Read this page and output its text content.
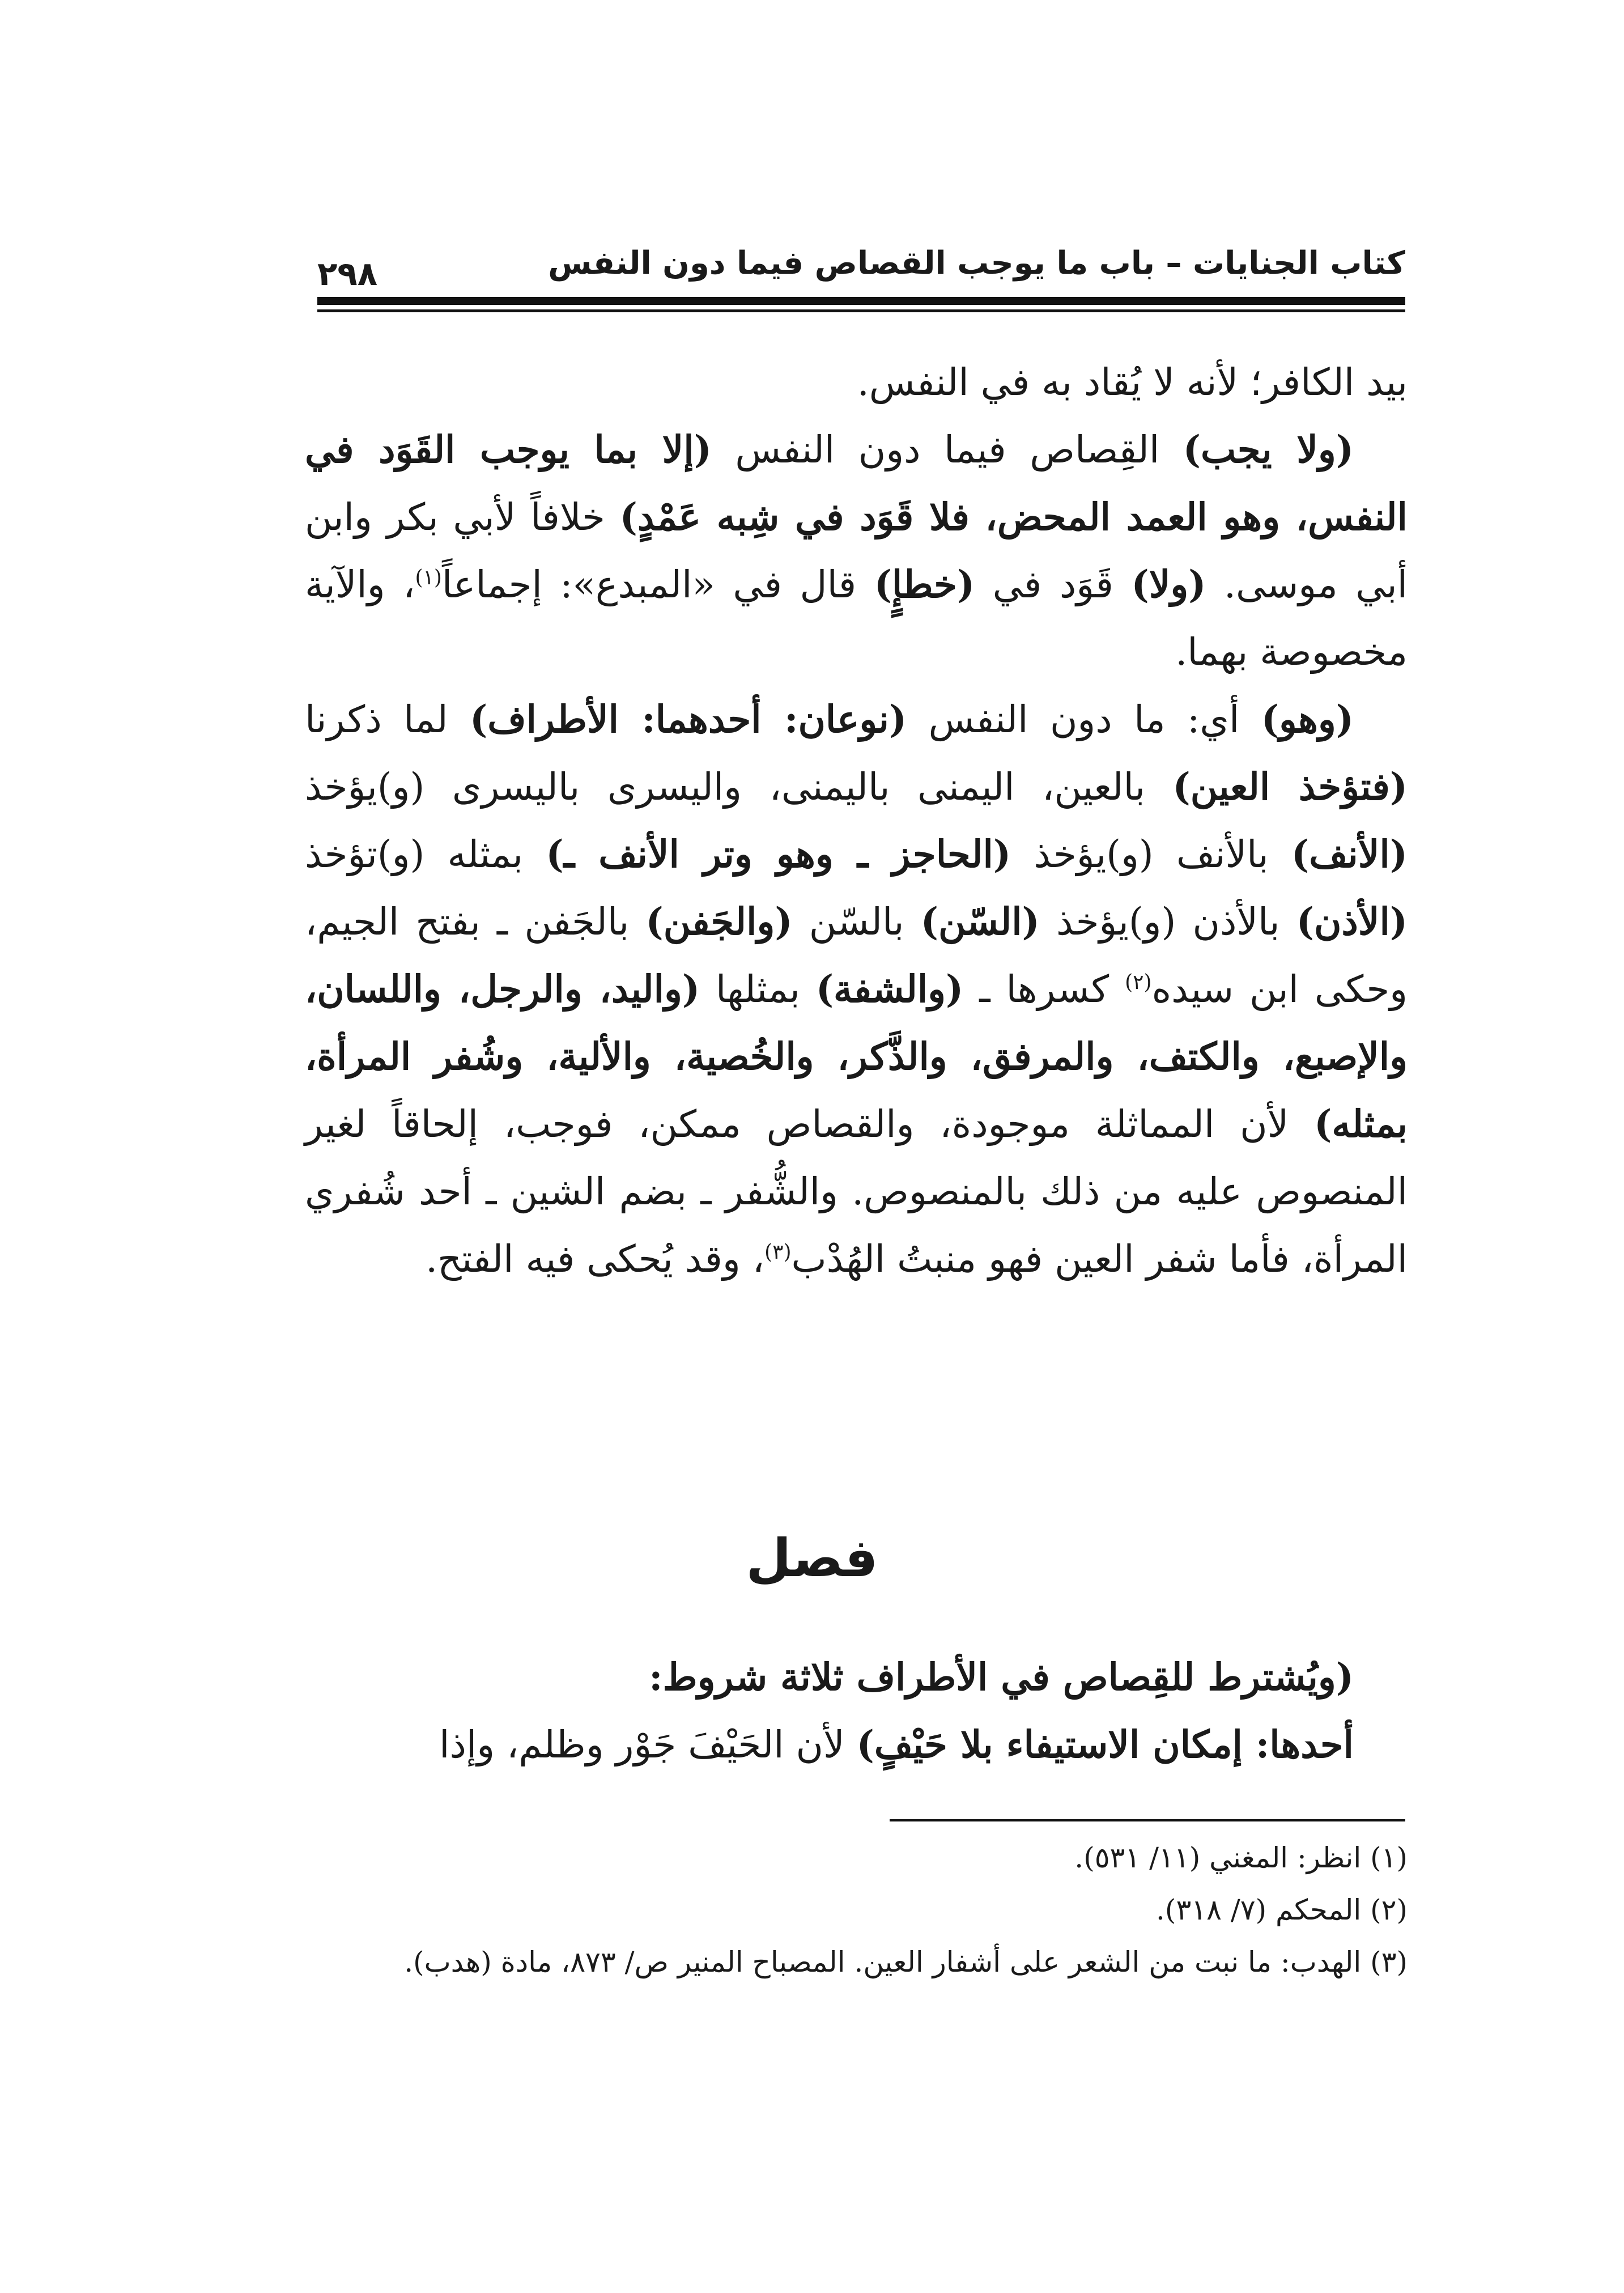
كتاب الجنايات – باب ما يوجب القصاص فيما دون النفس
٢٩٨

بيد الكافر؛ لأنه لا يُقاد به في النفس.

(ولا يجب) القِصاص فيما دون النفس (إلا بما يوجب القَوَد في النفس، وهو العمد المحض، فلا قَوَد في شِبه عَمْدٍ) خلافاً لأبي بكر وابن أبي موسى. (ولا) قَوَد في (خطإٍ) قال في «المبدع»: إجماعاً$^{(١)}$، والآية مخصوصة بهما.

(وهو) أي: ما دون النفس (نوعان: أحدهما: الأطراف) لما ذكرنا (فتؤخذ العين) بالعين، اليمنى باليمنى، واليسرى باليسرى (و)يؤخذ (الأنف) بالأنف (و)يؤخذ (الحاجز ـ وهو وتر الأنف ـ) بمثله (و)تؤخذ (الأذن) بالأذن (و)يؤخذ (السّن) بالسّن (والجَفن) بالجَفن ـ بفتح الجيم، وحكى ابن سيده$^{(٢)}$ كسرها ـ (والشفة) بمثلها (واليد، والرجل، واللسان، والإصبع، والكتف، والمرفق، والذَّكر، والخُصية، والألية، وشُفر المرأة، بمثله) لأن المماثلة موجودة، والقصاص ممكن، فوجب، إلحاقاً لغير المنصوص عليه من ذلك بالمنصوص. والشُّفر ـ بضم الشين ـ أحد شُفري المرأة، فأما شفر العين فهو منبتُ الهُدْب$^{(٣)}$، وقد يُحكى فيه الفتح.

فصل

(ويُشترط للقِصاص في الأطراف ثلاثة شروط:

أحدها: إمكان الاستيفاء بلا حَيْفٍ) لأن الحَيْفَ جَوْر وظلم، وإذا

(١) انظر: المغني (١١/ ٥٣١).

(٢) المحكم (٧/ ٣١٨).

(٣) الهدب: ما نبت من الشعر على أشفار العين. المصباح المنير ص/ ٨٧٣، مادة (هدب).
